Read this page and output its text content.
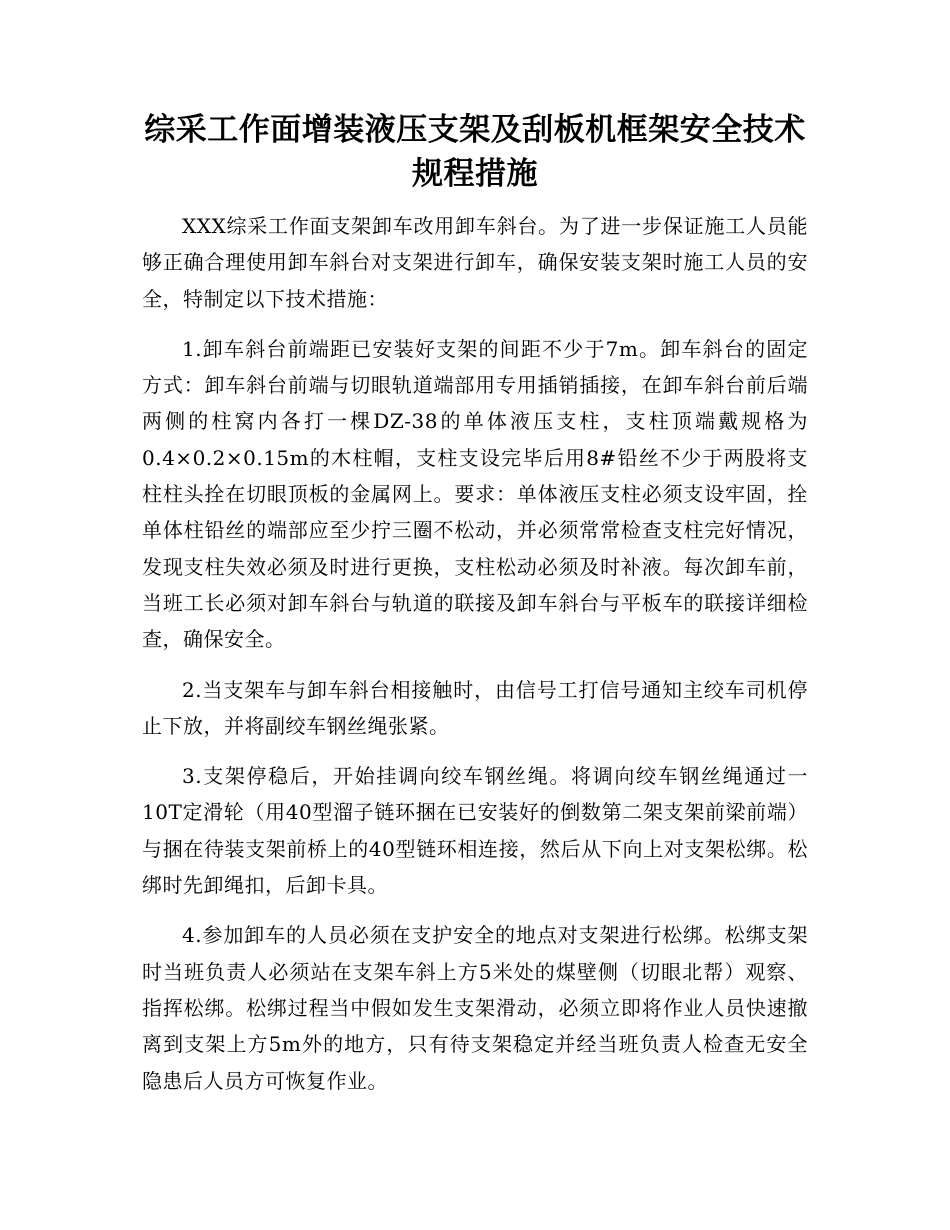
综采工作面增装液压支架及刮板机框架安全技术规程措施

XXX综采工作面支架卸车改用卸车斜台。为了进一步保证施工人员能够正确合理使用卸车斜台对支架进行卸车，确保安装支架时施工人员的安全，特制定以下技术措施：

1.卸车斜台前端距已安装好支架的间距不少于7m。卸车斜台的固定方式：卸车斜台前端与切眼轨道端部用专用插销插接，在卸车斜台前后端两侧的柱窝内各打一棵DZ-38的单体液压支柱，支柱顶端戴规格为0.4×0.2×0.15m的木柱帽，支柱支设完毕后用8#铅丝不少于两股将支柱柱头拴在切眼顶板的金属网上。要求：单体液压支柱必须支设牢固，拴单体柱铅丝的端部应至少拧三圈不松动，并必须常常检查支柱完好情况，发现支柱失效必须及时进行更换，支柱松动必须及时补液。每次卸车前，当班工长必须对卸车斜台与轨道的联接及卸车斜台与平板车的联接详细检查，确保安全。

2.当支架车与卸车斜台相接触时，由信号工打信号通知主绞车司机停止下放，并将副绞车钢丝绳张紧。

3.支架停稳后，开始挂调向绞车钢丝绳。将调向绞车钢丝绳通过一10T定滑轮（用40型溜子链环捆在已安装好的倒数第二架支架前梁前端）与捆在待装支架前桥上的40型链环相连接，然后从下向上对支架松绑。松绑时先卸绳扣，后卸卡具。

4.参加卸车的人员必须在支护安全的地点对支架进行松绑。松绑支架时当班负责人必须站在支架车斜上方5米处的煤壁侧（切眼北帮）观察、指挥松绑。松绑过程当中假如发生支架滑动，必须立即将作业人员快速撤离到支架上方5m外的地方，只有待支架稳定并经当班负责人检查无安全隐患后人员方可恢复作业。
